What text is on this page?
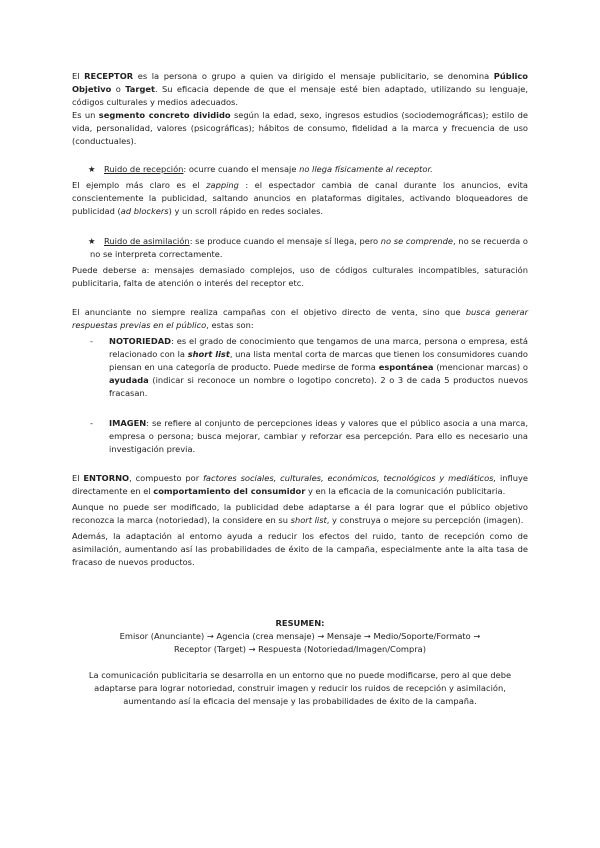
El RECEPTOR es la persona o grupo a quien va dirigido el mensaje publicitario, se denomina Público Objetivo o Target. Su eficacia depende de que el mensaje esté bien adaptado, utilizando su lenguaje, códigos culturales y medios adecuados.

Es un segmento concreto dividido según la edad, sexo, ingresos estudios (sociodemográficas); estilo de vida, personalidad, valores (psicográficas); hábitos de consumo, fidelidad a la marca y frecuencia de uso (conductuales).

★ Ruido de recepción: ocurre cuando el mensaje no llega físicamente al receptor.

El ejemplo más claro es el zapping : el espectador cambia de canal durante los anuncios, evita conscientemente la publicidad, saltando anuncios en plataformas digitales, activando bloqueadores de publicidad (ad blockers) y un scroll rápido en redes sociales.

★ Ruido de asimilación: se produce cuando el mensaje sí llega, pero no se comprende, no se recuerda o no se interpreta correctamente.

Puede deberse a: mensajes demasiado complejos, uso de códigos culturales incompatibles, saturación publicitaria, falta de atención o interés del receptor etc.

El anunciante no siempre realiza campañas con el objetivo directo de venta, sino que busca generar respuestas previas en el público, estas son:

- NOTORIEDAD: es el grado de conocimiento que tengamos de una marca, persona o empresa, está relacionado con la short list, una lista mental corta de marcas que tienen los consumidores cuando piensan en una categoría de producto. Puede medirse de forma espontánea (mencionar marcas) o ayudada (indicar si reconoce un nombre o logotipo concreto). 2 o 3 de cada 5 productos nuevos fracasan.

- IMAGEN: se refiere al conjunto de percepciones ideas y valores que el público asocia a una marca, empresa o persona; busca mejorar, cambiar y reforzar esa percepción. Para ello es necesario una investigación previa.

El ENTORNO, compuesto por factores sociales, culturales, económicos, tecnológicos y mediáticos, influye directamente en el comportamiento del consumidor y en la eficacia de la comunicación publicitaria.

Aunque no puede ser modificado, la publicidad debe adaptarse a él para lograr que el público objetivo reconozca la marca (notoriedad), la considere en su short list, y construya o mejore su percepción (imagen).

Además, la adaptación al entorno ayuda a reducir los efectos del ruido, tanto de recepción como de asimilación, aumentando así las probabilidades de éxito de la campaña, especialmente ante la alta tasa de fracaso de nuevos productos.

RESUMEN:

Emisor (Anunciante) → Agencia (crea mensaje) → Mensaje → Medio/Soporte/Formato →

Receptor (Target) → Respuesta (Notoriedad/Imagen/Compra)

La comunicación publicitaria se desarrolla en un entorno que no puede modificarse, pero al que debe adaptarse para lograr notoriedad, construir imagen y reducir los ruidos de recepción y asimilación, aumentando así la eficacia del mensaje y las probabilidades de éxito de la campaña.
